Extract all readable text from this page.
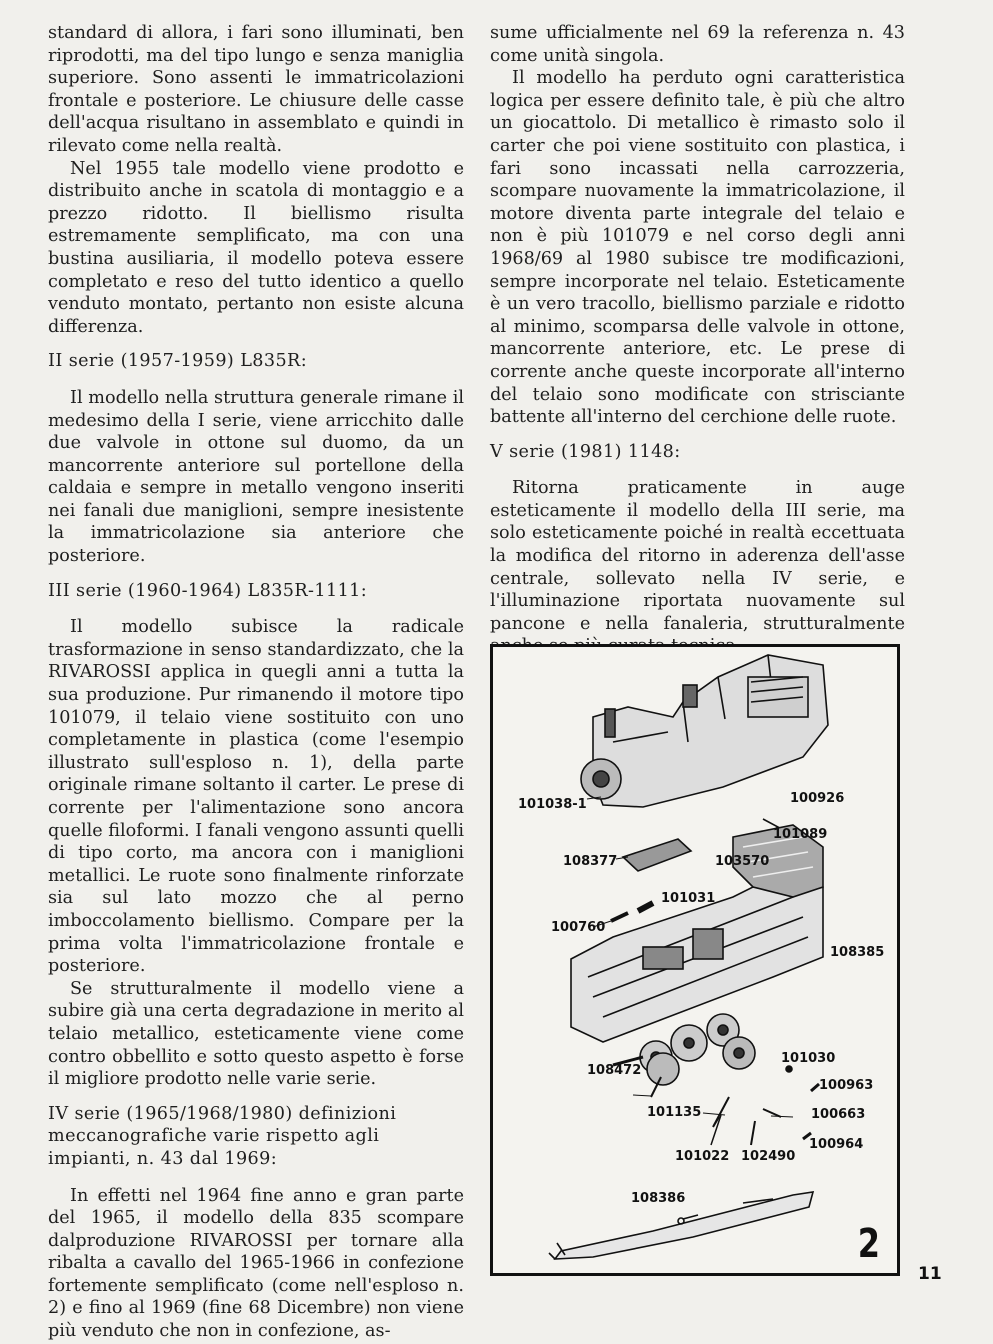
standard di allora, i fari sono illuminati, ben riprodotti, ma del tipo lungo e senza maniglia superiore. Sono assenti le immatricolazioni frontale e posteriore. Le chiusure delle casse dell'acqua risultano in assemblato e quindi in rilevato come nella realtà.

Nel 1955 tale modello viene prodotto e distribuito anche in scatola di montaggio e a prezzo ridotto. Il biellismo risulta estremamente semplificato, ma con una bustina ausiliaria, il modello poteva essere completato e reso del tutto identico a quello venduto montato, pertanto non esiste alcuna differenza.

II serie (1957-1959) L835R:

Il modello nella struttura generale rimane il medesimo della I serie, viene arricchito dalle due valvole in ottone sul duomo, da un mancorrente anteriore sul portellone della caldaia e sempre in metallo vengono inseriti nei fanali due maniglioni, sempre inesistente la immatricolazione sia anteriore che posteriore.

III serie (1960-1964) L835R-1111:

Il modello subisce la radicale trasformazione in senso standardizzato, che la RIVAROSSI applica in quegli anni a tutta la sua produzione. Pur rimanendo il motore tipo 101079, il telaio viene sostituito con uno completamente in plastica (come l'esempio illustrato sull'esploso n. 1), della parte originale rimane soltanto il carter. Le prese di corrente per l'alimentazione sono ancora quelle filoformi. I fanali vengono assunti quelli di tipo corto, ma ancora con i maniglioni metallici. Le ruote sono finalmente rinforzate sia sul lato mozzo che al perno imboccolamento biellismo. Compare per la prima volta l'immatricolazione frontale e posteriore.

Se strutturalmente il modello viene a subire già una certa degradazione in merito al telaio metallico, esteticamente viene come contro obbellito e sotto questo aspetto è forse il migliore prodotto nelle varie serie.

IV serie (1965/1968/1980) definizioni meccanografiche varie rispetto agli impianti, n. 43 dal 1969:

In effetti nel 1964 fine anno e gran parte del 1965, il modello della 835 scompare dalproduzione RIVAROSSI per tornare alla ribalta a cavallo del 1965-1966 in confezione fortemente semplificato (come nell'esploso n. 2) e fino al 1969 (fine 68 Dicembre) non viene più venduto che non in confezione, as-

sume ufficialmente nel 69 la referenza n. 43 come unità singola.

Il modello ha perduto ogni caratteristica logica per essere definito tale, è più che altro un giocattolo. Di metallico è rimasto solo il carter che poi viene sostituito con plastica, i fari sono incassati nella carrozzeria, scompare nuovamente la immatricolazione, il motore diventa parte integrale del telaio e non è più 101079 e nel corso degli anni 1968/69 al 1980 subisce tre modificazioni, sempre incorporate nel telaio. Esteticamente è un vero tracollo, biellismo parziale e ridotto al minimo, scomparsa delle valvole in ottone, mancorrente anteriore, etc. Le prese di corrente anche queste incorporate all'interno del telaio sono modificate con strisciante battente all'interno del cerchione delle ruote.

V serie (1981) 1148:

Ritorna praticamente in auge esteticamente il modello della III serie, ma solo esteticamente poiché in realtà eccettuata la modifica del ritorno in aderenza dell'asse centrale, sollevato nella IV serie, e l'illuminazione riportata nuovamente sul pancone e nella fanaleria, strutturalmente

101038-1	100926
101089
108377	103570
101031
100760
108385
101030
108472
100963
101135	100663
101022 102490
100964
108386
2
11
